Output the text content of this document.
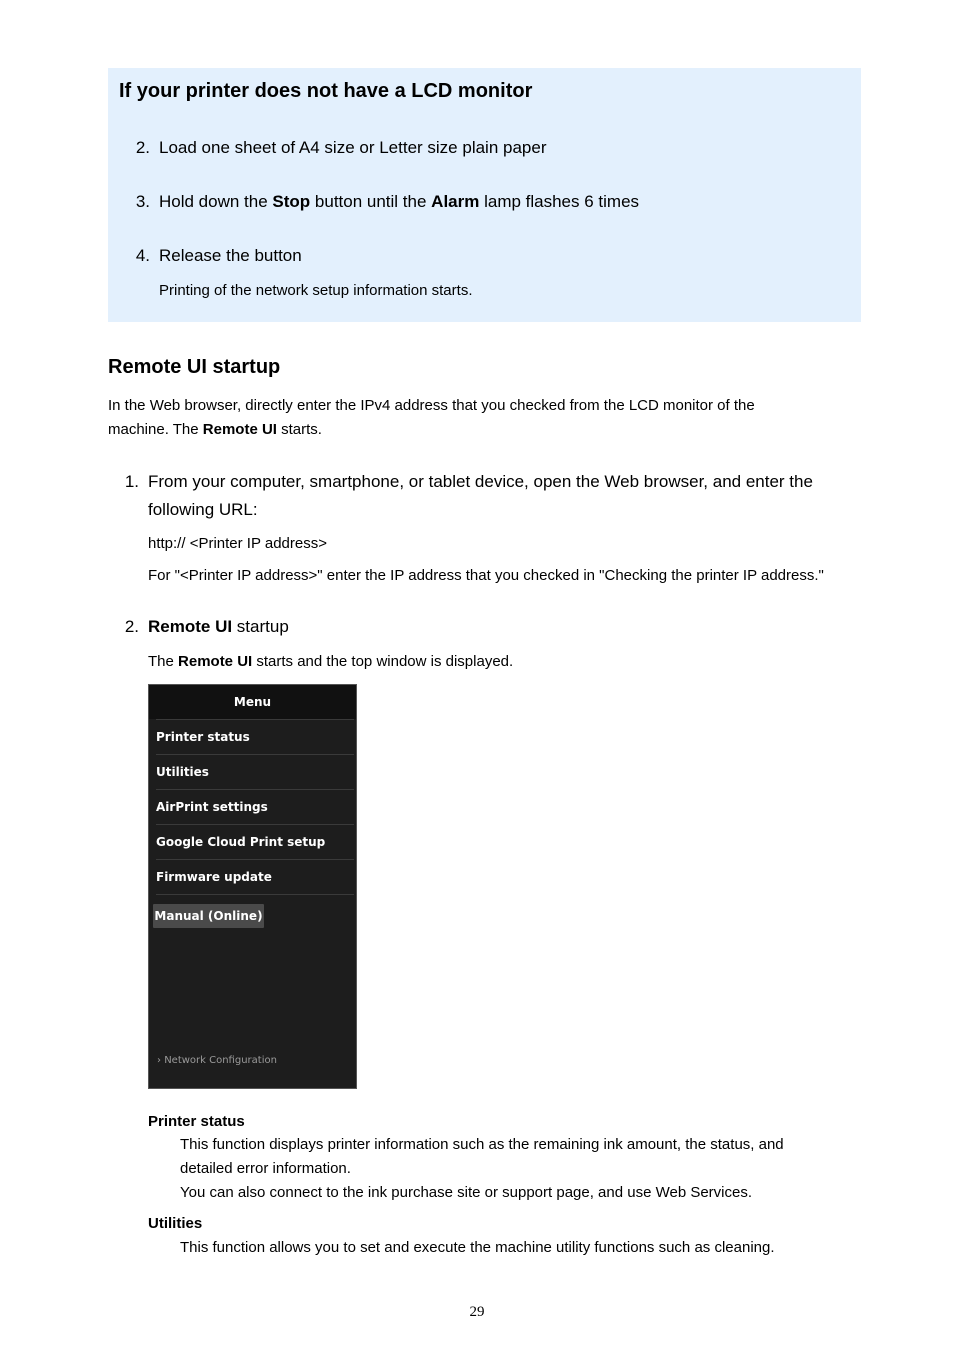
If your printer does not have a LCD monitor
2. Load one sheet of A4 size or Letter size plain paper
3. Hold down the Stop button until the Alarm lamp flashes 6 times
4. Release the button
Printing of the network setup information starts.
Remote UI startup
In the Web browser, directly enter the IPv4 address that you checked from the LCD monitor of the
machine. The Remote UI starts.
1. From your computer, smartphone, or tablet device, open the Web browser, and enter the
following URL:
http:// <Printer IP address>
For "<Printer IP address>" enter the IP address that you checked in "Checking the printer IP address."
2. Remote UI startup
The Remote UI starts and the top window is displayed.
Menu
Printer status
Utilities
AirPrint settings
Google Cloud Print setup
Firmware update
Manual (Online)
› Network Configuration
Printer status
This function displays printer information such as the remaining ink amount, the status, and
detailed error information.
You can also connect to the ink purchase site or support page, and use Web Services.
Utilities
This function allows you to set and execute the machine utility functions such as cleaning.
29
